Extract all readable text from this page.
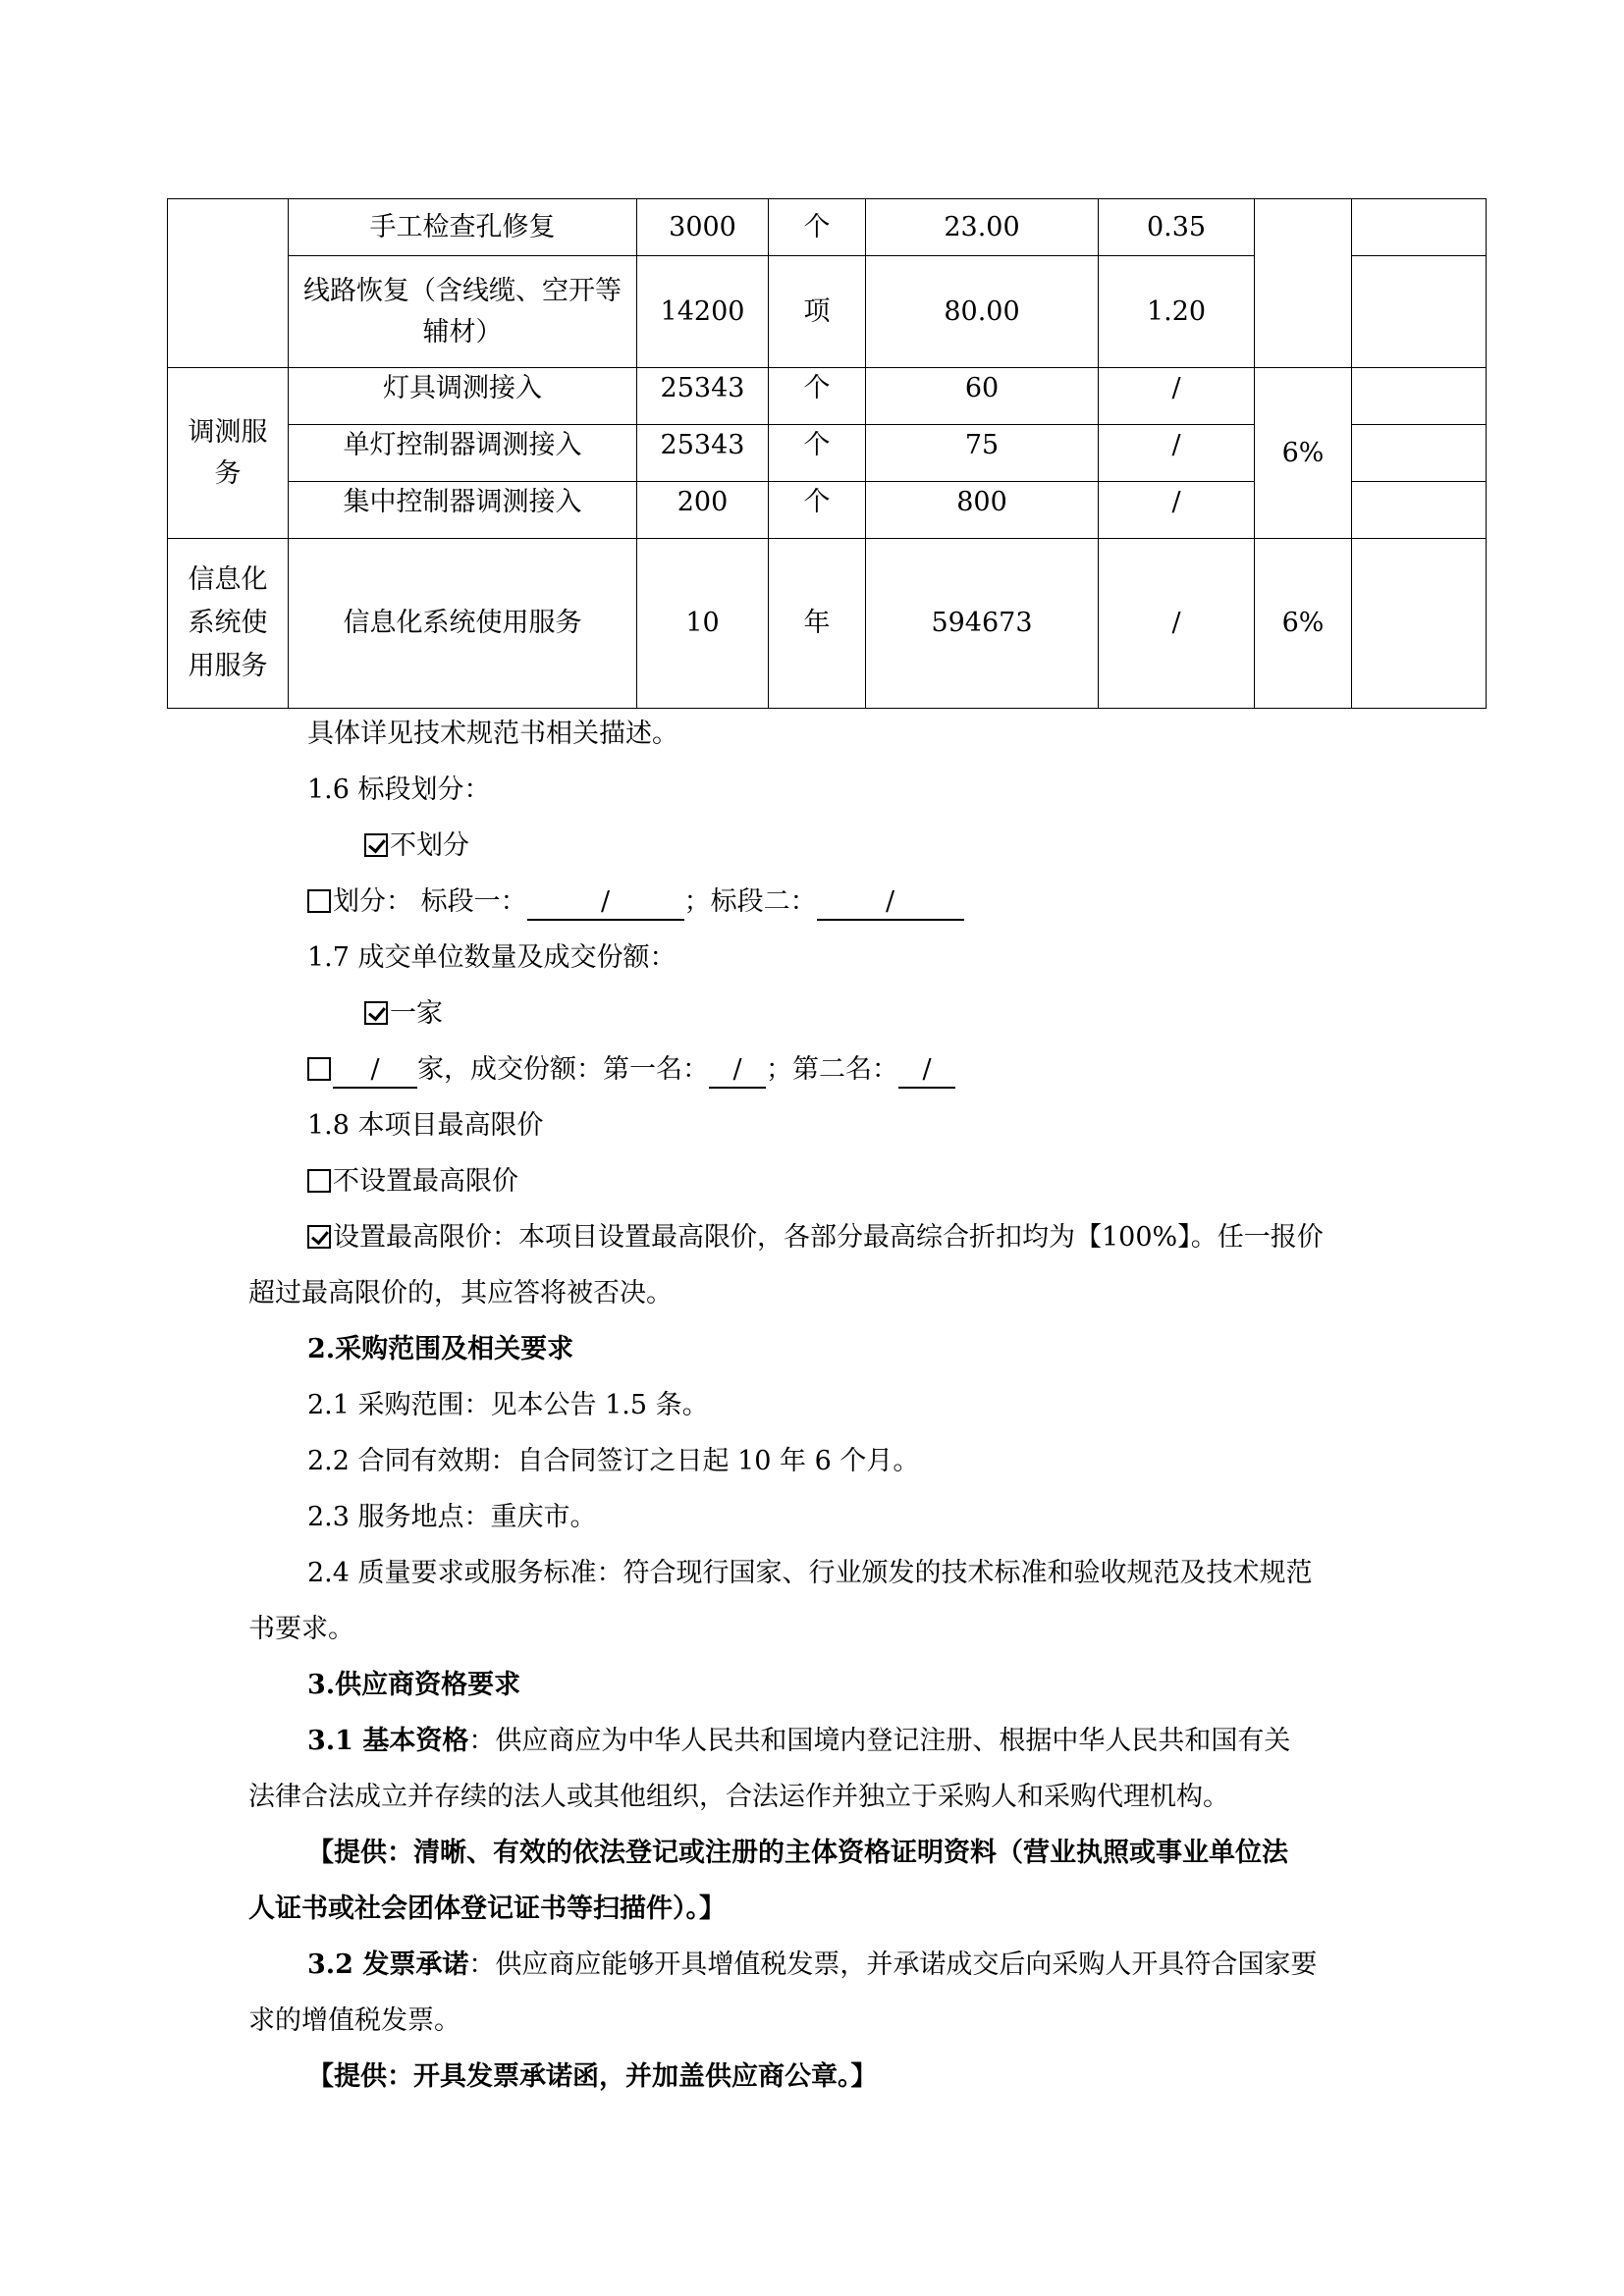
	手工检查孔修复	3000	个	23.00	0.35		
	线路恢复（含线缆、空开等辅材）	14200	项	80.00	1.20		
调测服务	灯具调测接入	25343	个	60	/	6%	
	单灯控制器调测接入	25343	个	75	/		
	集中控制器调测接入	200	个	800	/		
信息化系统使用服务	信息化系统使用服务	10	年	594673	/	6%	
具体详见技术规范书相关描述。
1.6 标段划分：
不划分
划分： 标段一：	/	；标段二：	/
1.7 成交单位数量及成交份额：
一家
/ 家，成交份额：第一名： / ；第二名： /
1.8 本项目最高限价
不设置最高限价
设置最高限价：本项目设置最高限价，各部分最高综合折扣均为【100%】。任一报价
超过最高限价的，其应答将被否决。
2.采购范围及相关要求
2.1 采购范围：见本公告 1.5 条。
2.2 合同有效期：自合同签订之日起 10 年 6 个月。
2.3 服务地点：重庆市。
2.4 质量要求或服务标准：符合现行国家、行业颁发的技术标准和验收规范及技术规范
书要求。
3.供应商资格要求
3.1 基本资格：供应商应为中华人民共和国境内登记注册、根据中华人民共和国有关
法律合法成立并存续的法人或其他组织，合法运作并独立于采购人和采购代理机构。
【提供：清晰、有效的依法登记或注册的主体资格证明资料（营业执照或事业单位法
人证书或社会团体登记证书等扫描件）。】
3.2 发票承诺：供应商应能够开具增值税发票，并承诺成交后向采购人开具符合国家要
求的增值税发票。
【提供：开具发票承诺函，并加盖供应商公章。】
